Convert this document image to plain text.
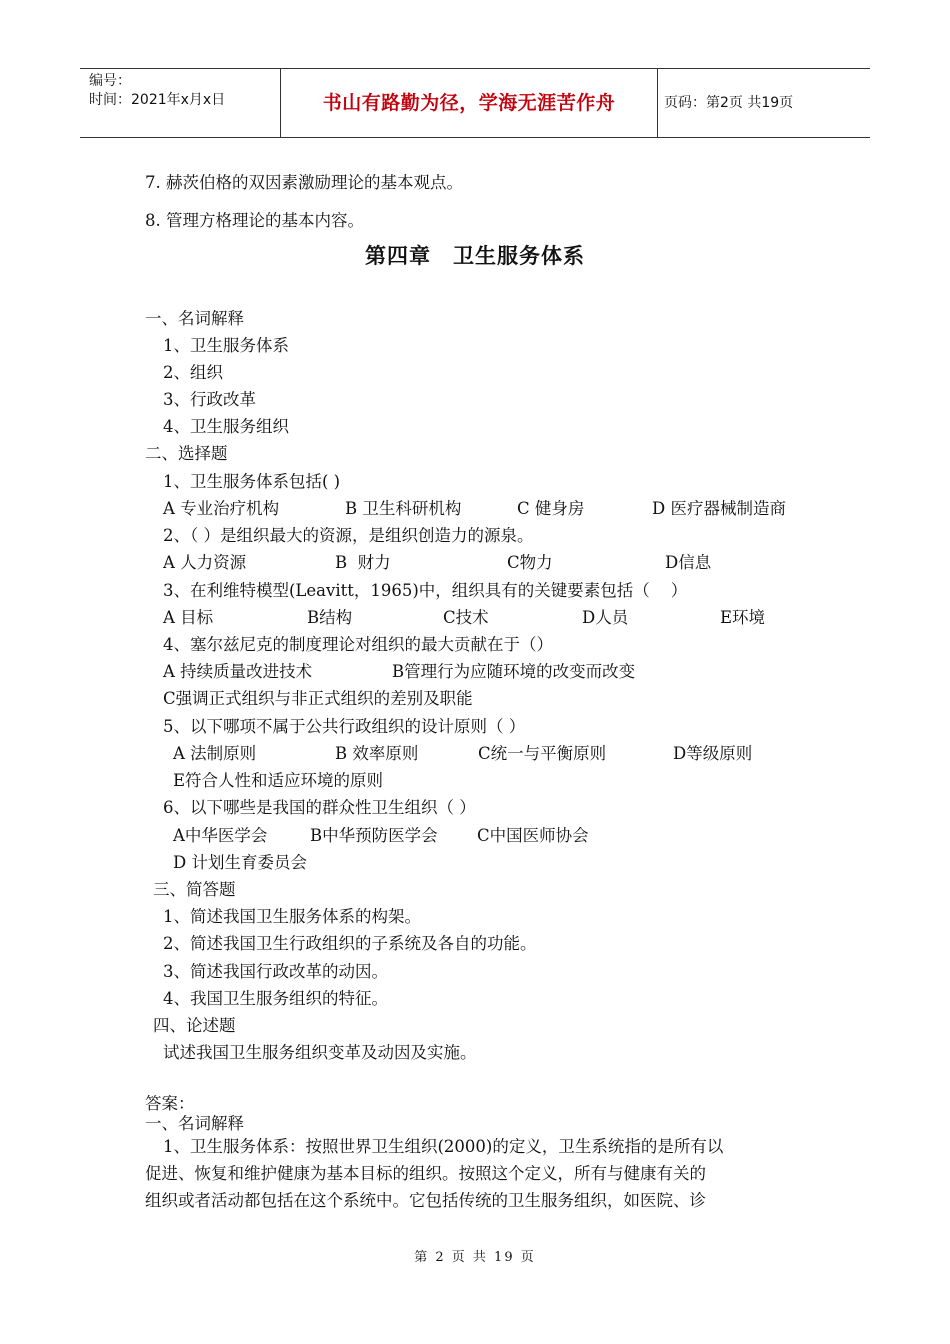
编号：
时间：2021年x月x日	书山有路勤为径，学海无涯苦作舟	页码：第2页 共19页
7. 赫茨伯格的双因素激励理论的基本观点。
8. 管理方格理论的基本内容。
第四章　卫生服务体系
一、名词解释
1、卫生服务体系
2、组织
3、行政改革
4、卫生服务组织
二、选择题
1、卫生服务体系包括( )
A 专业治疗机构	B 卫生科研机构	C 健身房	D 医疗器械制造商
2、（ ）是组织最大的资源，是组织创造力的源泉。
A 人力资源	B  财力	C物力	D信息
3、在利维特模型(Leavitt，1965)中，组织具有的关键要素包括（    ）
A 目标	B结构	C技术	D人员	E环境
4、塞尔兹尼克的制度理论对组织的最大贡献在于（）
A 持续质量改进技术	B管理行为应随环境的改变而改变
C强调正式组织与非正式组织的差别及职能
5、以下哪项不属于公共行政组织的设计原则（ ）
A 法制原则	B 效率原则	C统一与平衡原则	D等级原则
E符合人性和适应环境的原则
6、以下哪些是我国的群众性卫生组织（ ）
A中华医学会	B中华预防医学会 C中国医师协会
D 计划生育委员会
三、简答题
1、简述我国卫生服务体系的构架。
2、简述我国卫生行政组织的子系统及各自的功能。
3、简述我国行政改革的动因。
4、我国卫生服务组织的特征。
四、论述题
试述我国卫生服务组织变革及动因及实施。
答案：
一、名词解释
1、卫生服务体系：按照世界卫生组织(2000)的定义，卫生系统指的是所有以
促进、恢复和维护健康为基本目标的组织。按照这个定义，所有与健康有关的
组织或者活动都包括在这个系统中。它包括传统的卫生服务组织，如医院、诊
第 2 页 共 19 页
